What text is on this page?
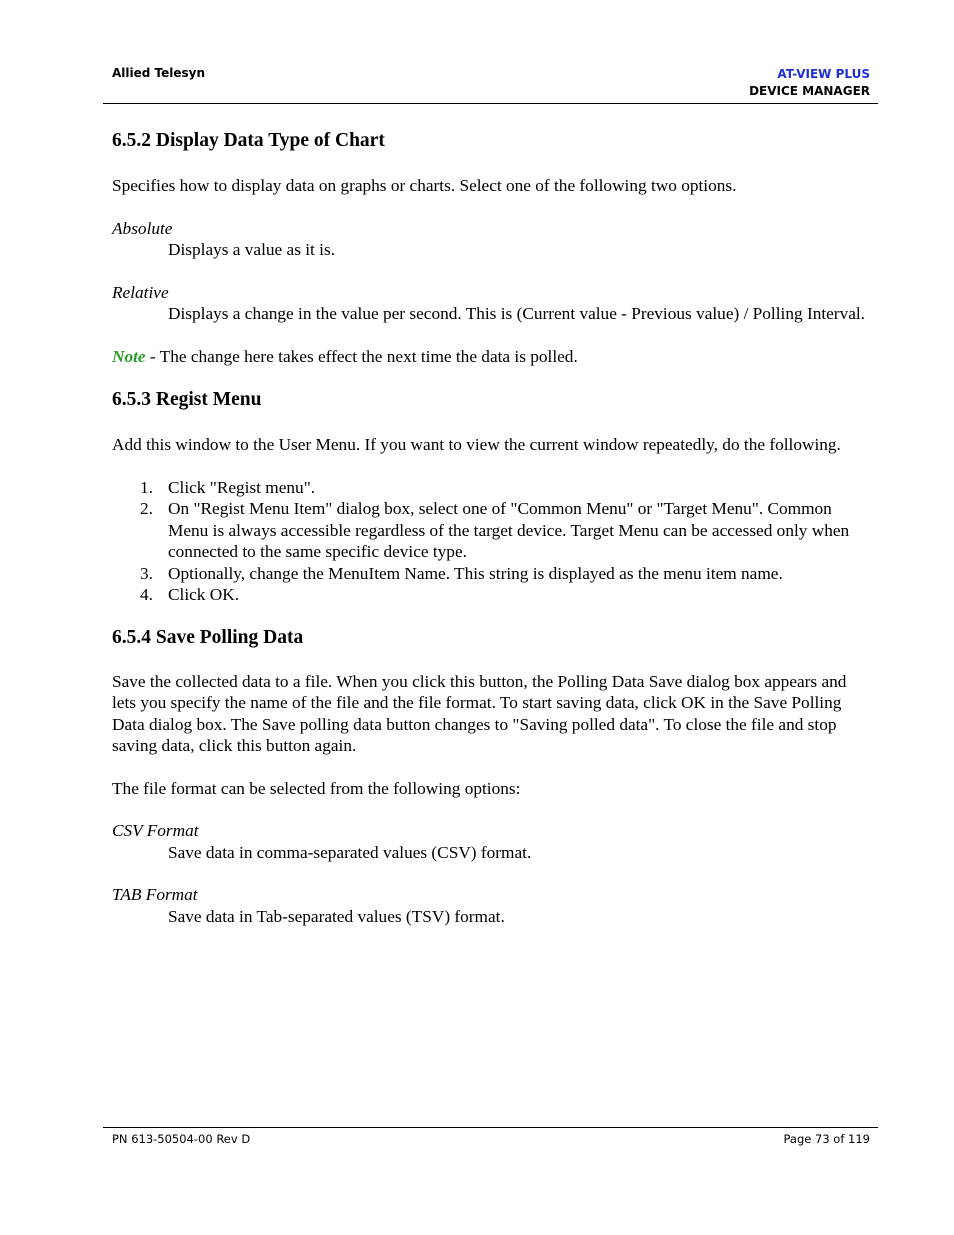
Allied Telesyn	AT-VIEW PLUS
DEVICE MANAGER
6.5.2 Display Data Type of Chart

Specifies how to display data on graphs or charts. Select one of the following two options.

Absolute

Displays a value as it is.

Relative

Displays a change in the value per second. This is (Current value - Previous value) / Polling Interval.

Note - The change here takes effect the next time the data is polled.

6.5.3 Regist Menu

Add this window to the User Menu. If you want to view the current window repeatedly, do the following.

1. Click "Regist menu".
2. On "Regist Menu Item" dialog box, select one of "Common Menu" or "Target Menu". Common Menu is always accessible regardless of the target device. Target Menu can be accessed only when connected to the same specific device type.
3. Optionally, change the MenuItem Name. This string is displayed as the menu item name.
4. Click OK.
6.5.4 Save Polling Data

Save the collected data to a file. When you click this button, the Polling Data Save dialog box appears and lets you specify the name of the file and the file format. To start saving data, click OK in the Save Polling Data dialog box. The Save polling data button changes to "Saving polled data". To close the file and stop saving data, click this button again.

The file format can be selected from the following options:

CSV Format

Save data in comma-separated values (CSV) format.

TAB Format

Save data in Tab-separated values (TSV) format.

PN 613-50504-00 Rev D	Page 73 of 119
